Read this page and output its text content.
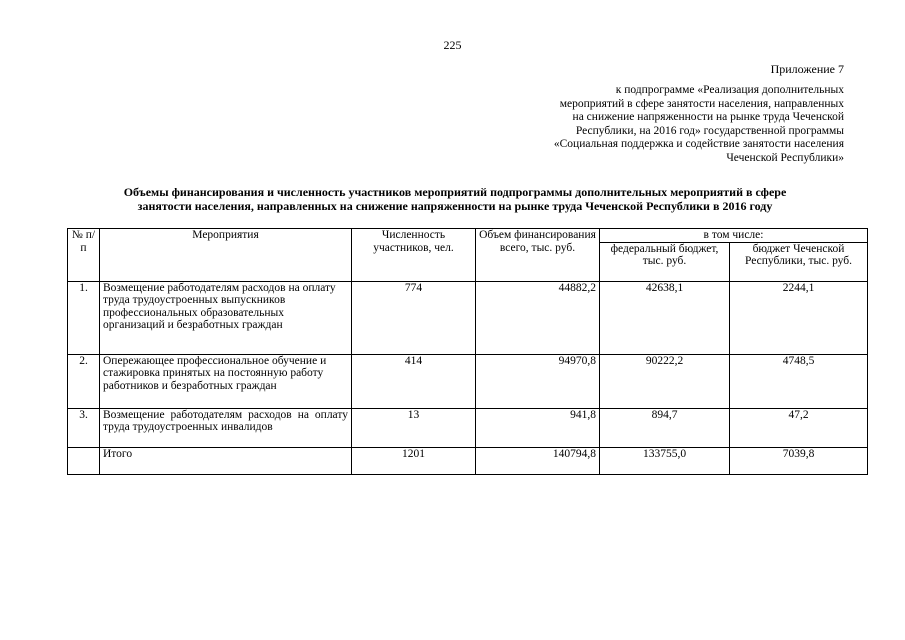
225
Приложение 7
к подпрограмме «Реализация дополнительных
мероприятий в сфере занятости населения, направленных
на снижение напряженности на рынке труда Чеченской
Республики, на 2016 год» государственной программы
«Социальная поддержка и содействие занятости населения
Чеченской Республики»
Объемы финансирования и численность участников мероприятий подпрограммы дополнительных мероприятий в сфере
занятости населения, направленных на снижение напряженности на рынке труда Чеченской Республики в 2016 году
№ п/п	Мероприятия	Численность участников, чел.	Объем финансирования всего, тыс. руб.	в том числе:	
				федеральный бюджет, тыс. руб.	бюджет Чеченской Республики, тыс. руб.
1.	Возмещение работодателям расходов на оплату труда трудоустроенных выпускников профессиональных образовательных организаций и безработных граждан	774	44882,2	42638,1	2244,1
2.	Опережающее профессиональное обучение и стажировка принятых на постоянную работу работников и безработных граждан	414	94970,8	90222,2	4748,5
3.	Возмещение работодателям расходов на оплату труда трудоустроенных инвалидов	13	941,8	894,7	47,2
	Итого	1201	140794,8	133755,0	7039,8
